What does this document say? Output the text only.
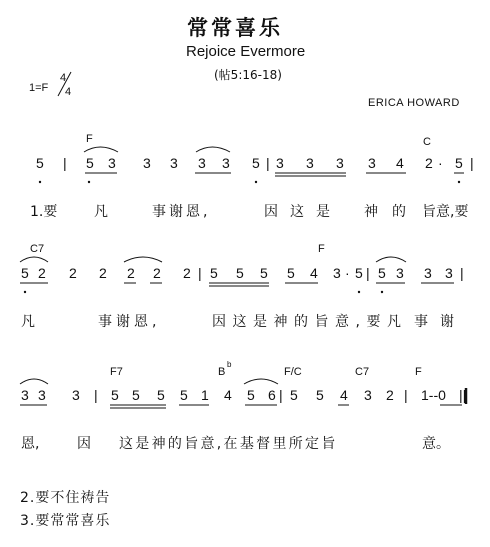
常常喜乐
Rejoice Evermore
(帖5:16-18)
1=F
4
4
ERICA HOWARD
F	C
5 | 5 3 3 3 3 3 5 | 3 3 3 3 4 2 · 5 |
1.要	凡	事谢恩,	因这是 神 的 旨意,要
C7	F
5 2 2 2 2 2 2 | 5 5 5 5 4 3 · 5 | 5 3 3 3 |
凡	事谢恩,	因这是神的旨意,要凡 事谢
F7	B
b
F/C	C7	F
3 3 3 | 5 5 5 5 1 4 5 6 | 5 5 4 3 2 | 1--0 ||
恩,	因 这是神的旨意,在基督里所定旨	意。
2.要不住祷告
3.要常常喜乐
